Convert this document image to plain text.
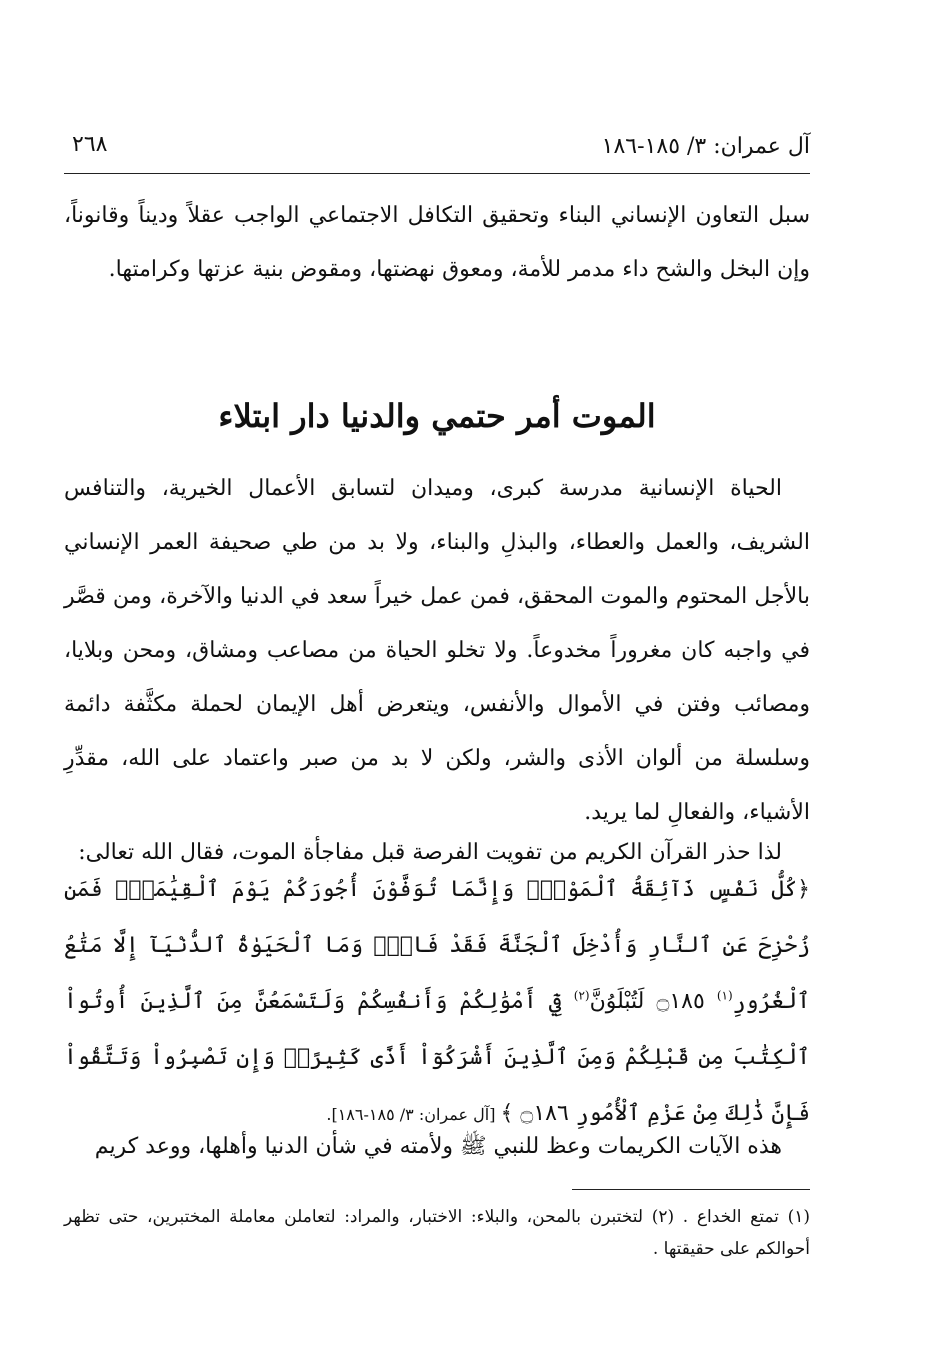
آل عمران: ٣/ ١٨٥-١٨٦
٢٦٨

سبل التعاون الإنساني البناء وتحقيق التكافل الاجتماعي الواجب عقلاً وديناً وقانوناً، وإن البخل والشح داء مدمر للأمة، ومعوق نهضتها، ومقوض بنية عزتها وكرامتها.

الموت أمر حتمي والدنيا دار ابتلاء

الحياة الإنسانية مدرسة كبرى، وميدان لتسابق الأعمال الخيرية، والتنافس الشريف، والعمل والعطاء، والبذلِ والبناء، ولا بد من طي صحيفة العمر الإنساني بالأجل المحتوم والموت المحقق، فمن عمل خيراً سعد في الدنيا والآخرة، ومن قصَّر في واجبه كان مغروراً مخدوعاً. ولا تخلو الحياة من مصاعب ومشاق، ومحن وبلايا، ومصائب وفتن في الأموال والأنفس، ويتعرض أهل الإيمان لحملة مكثَّفة دائمة وسلسلة من ألوان الأذى والشر، ولكن لا بد من صبر واعتماد على الله، مقدِّرِ الأشياء، والفعالِ لما يريد.

لذا حذر القرآن الكريم من تفويت الفرصة قبل مفاجأة الموت، فقال الله تعالى:

﴿كُلُّ نَفْسٍ ذَآئِقَةُ ٱلْمَوْتِۗ وَإِنَّمَا تُوَفَّوْنَ أُجُورَكُمْ يَوْمَ ٱلْقِيَٰمَةِۖ فَمَن زُحْزِحَ عَنِ ٱلنَّارِ وَأُدْخِلَ ٱلْجَنَّةَ فَقَدْ فَازَۗ وَمَا ٱلْحَيَوٰةُ ٱلدُّنْيَآ إِلَّا مَتَٰعُ ٱلْغُرُورِ$^{(١)}$ ۝١٨٥ لَتُبْلَوُنَّ$^{(٢)}$ فِيٓ أَمْوَٰلِكُمْ وَأَنفُسِكُمْ وَلَتَسْمَعُنَّ مِنَ ٱلَّذِينَ أُوتُواْ ٱلْكِتَٰبَ مِن قَبْلِكُمْ وَمِنَ ٱلَّذِينَ أَشْرَكُوٓاْ أَذًى كَثِيرًاۚ وَإِن تَصْبِرُواْ وَتَتَّقُواْ فَإِنَّ ذَٰلِكَ مِنْ عَزْمِ ٱلْأُمُورِ ۝١٨٦ ﴾ [آل عمران: ٣/ ١٨٥-١٨٦].

هذه الآيات الكريمات وعظ للنبي ﷺ ولأمته في شأن الدنيا وأهلها، ووعد كريم

(١) تمتع الخداع . (٢) لتختبرن بالمحن، والبلاء: الاختبار، والمراد: لتعاملن معاملة المختبرين، حتى تظهر أحوالكم على حقيقتها .
